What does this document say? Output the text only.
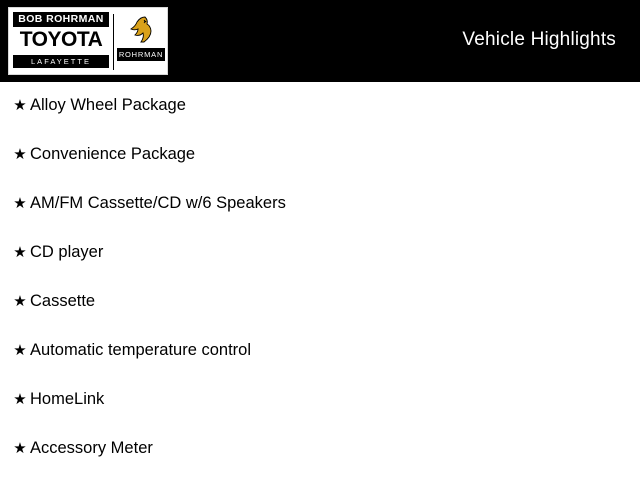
BOB ROHRMAN
TOYOTA
LAFAYETTE
ROHRMAN
Vehicle Highlights
★ Alloy Wheel Package
★ Convenience Package
★ AM/FM Cassette/CD w/6 Speakers
★ CD player
★ Cassette
★ Automatic temperature control
★ HomeLink
★ Accessory Meter
